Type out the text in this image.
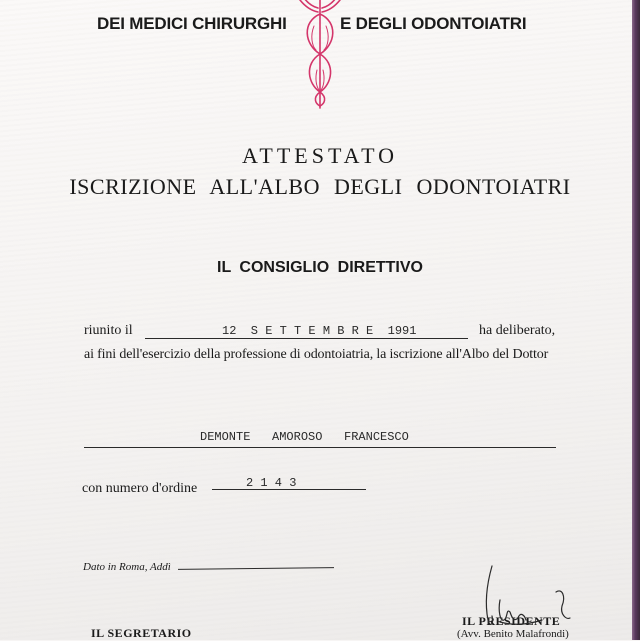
DEI MEDICI CHIRURGHI	E DEGLI ODONTOIATRI
ATTESTATO
ISCRIZIONE ALL'ALBO DEGLI ODONTOIATRI
IL CONSIGLIO DIRETTIVO
riunito il	12  S E T T E M B R E  1991	ha deliberato,
ai fini dell'esercizio della professione di odontoiatria, la iscrizione all'Albo del Dottor
DEMONTE   AMOROSO   FRANCESCO
con numero d'ordine	2 1 4 3
Dato in Roma, Addì
IL SEGRETARIO
IL PRESIDENTE
(Avv. Benito Malafrondi)
